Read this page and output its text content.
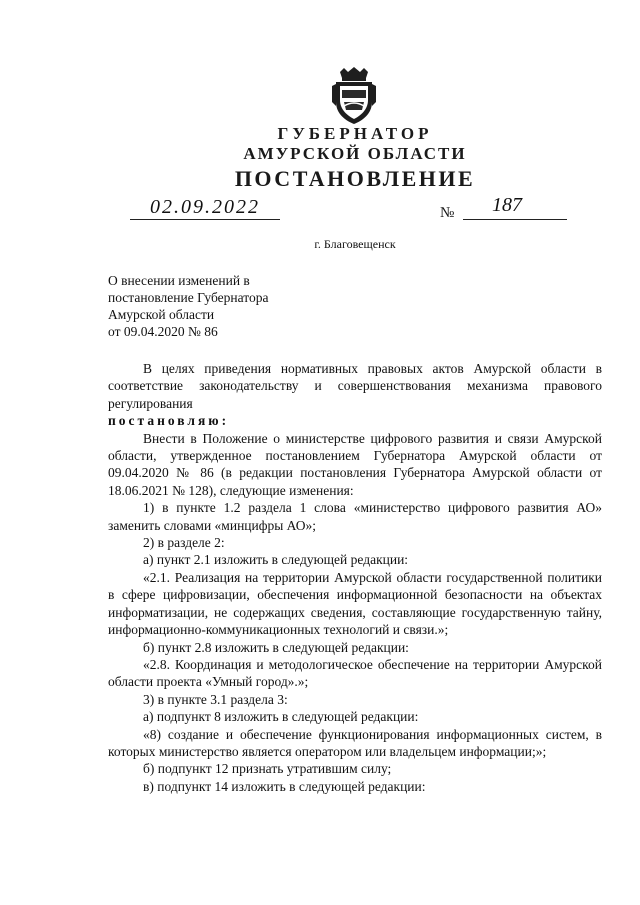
ГУБЕРНАТОР
АМУРСКОЙ ОБЛАСТИ
ПОСТАНОВЛЕНИЕ
02.09.2022	№ 187
г. Благовещенск
О внесении изменений в
постановление Губернатора
Амурской области
от 09.04.2020 № 86

В целях приведения нормативных правовых актов Амурской области в соответствие законодательству и совершенствования механизма правового регулирования

постановляю:

Внести в Положение о министерстве цифрового развития и связи Амурской области, утвержденное постановлением Губернатора Амурской области от 09.04.2020 № 86 (в редакции постановления Губернатора Амурской области от 18.06.2021 № 128), следующие изменения:

1) в пункте 1.2 раздела 1 слова «министерство цифрового развития АО» заменить словами «минцифры АО»;

2) в разделе 2:

а) пункт 2.1 изложить в следующей редакции:

«2.1. Реализация на территории Амурской области государственной политики в сфере цифровизации, обеспечения информационной безопасности на объектах информатизации, не содержащих сведения, составляющие государственную тайну, информационно-коммуникационных технологий и связи.»;

б) пункт 2.8 изложить в следующей редакции:

«2.8. Координация и методологическое обеспечение на территории Амурской области проекта «Умный город».»;

3) в пункте 3.1 раздела 3:

а) подпункт 8 изложить в следующей редакции:

«8) создание и обеспечение функционирования информационных систем, в которых министерство является оператором или владельцем информации;»;

б) подпункт 12 признать утратившим силу;

в) подпункт 14 изложить в следующей редакции:
